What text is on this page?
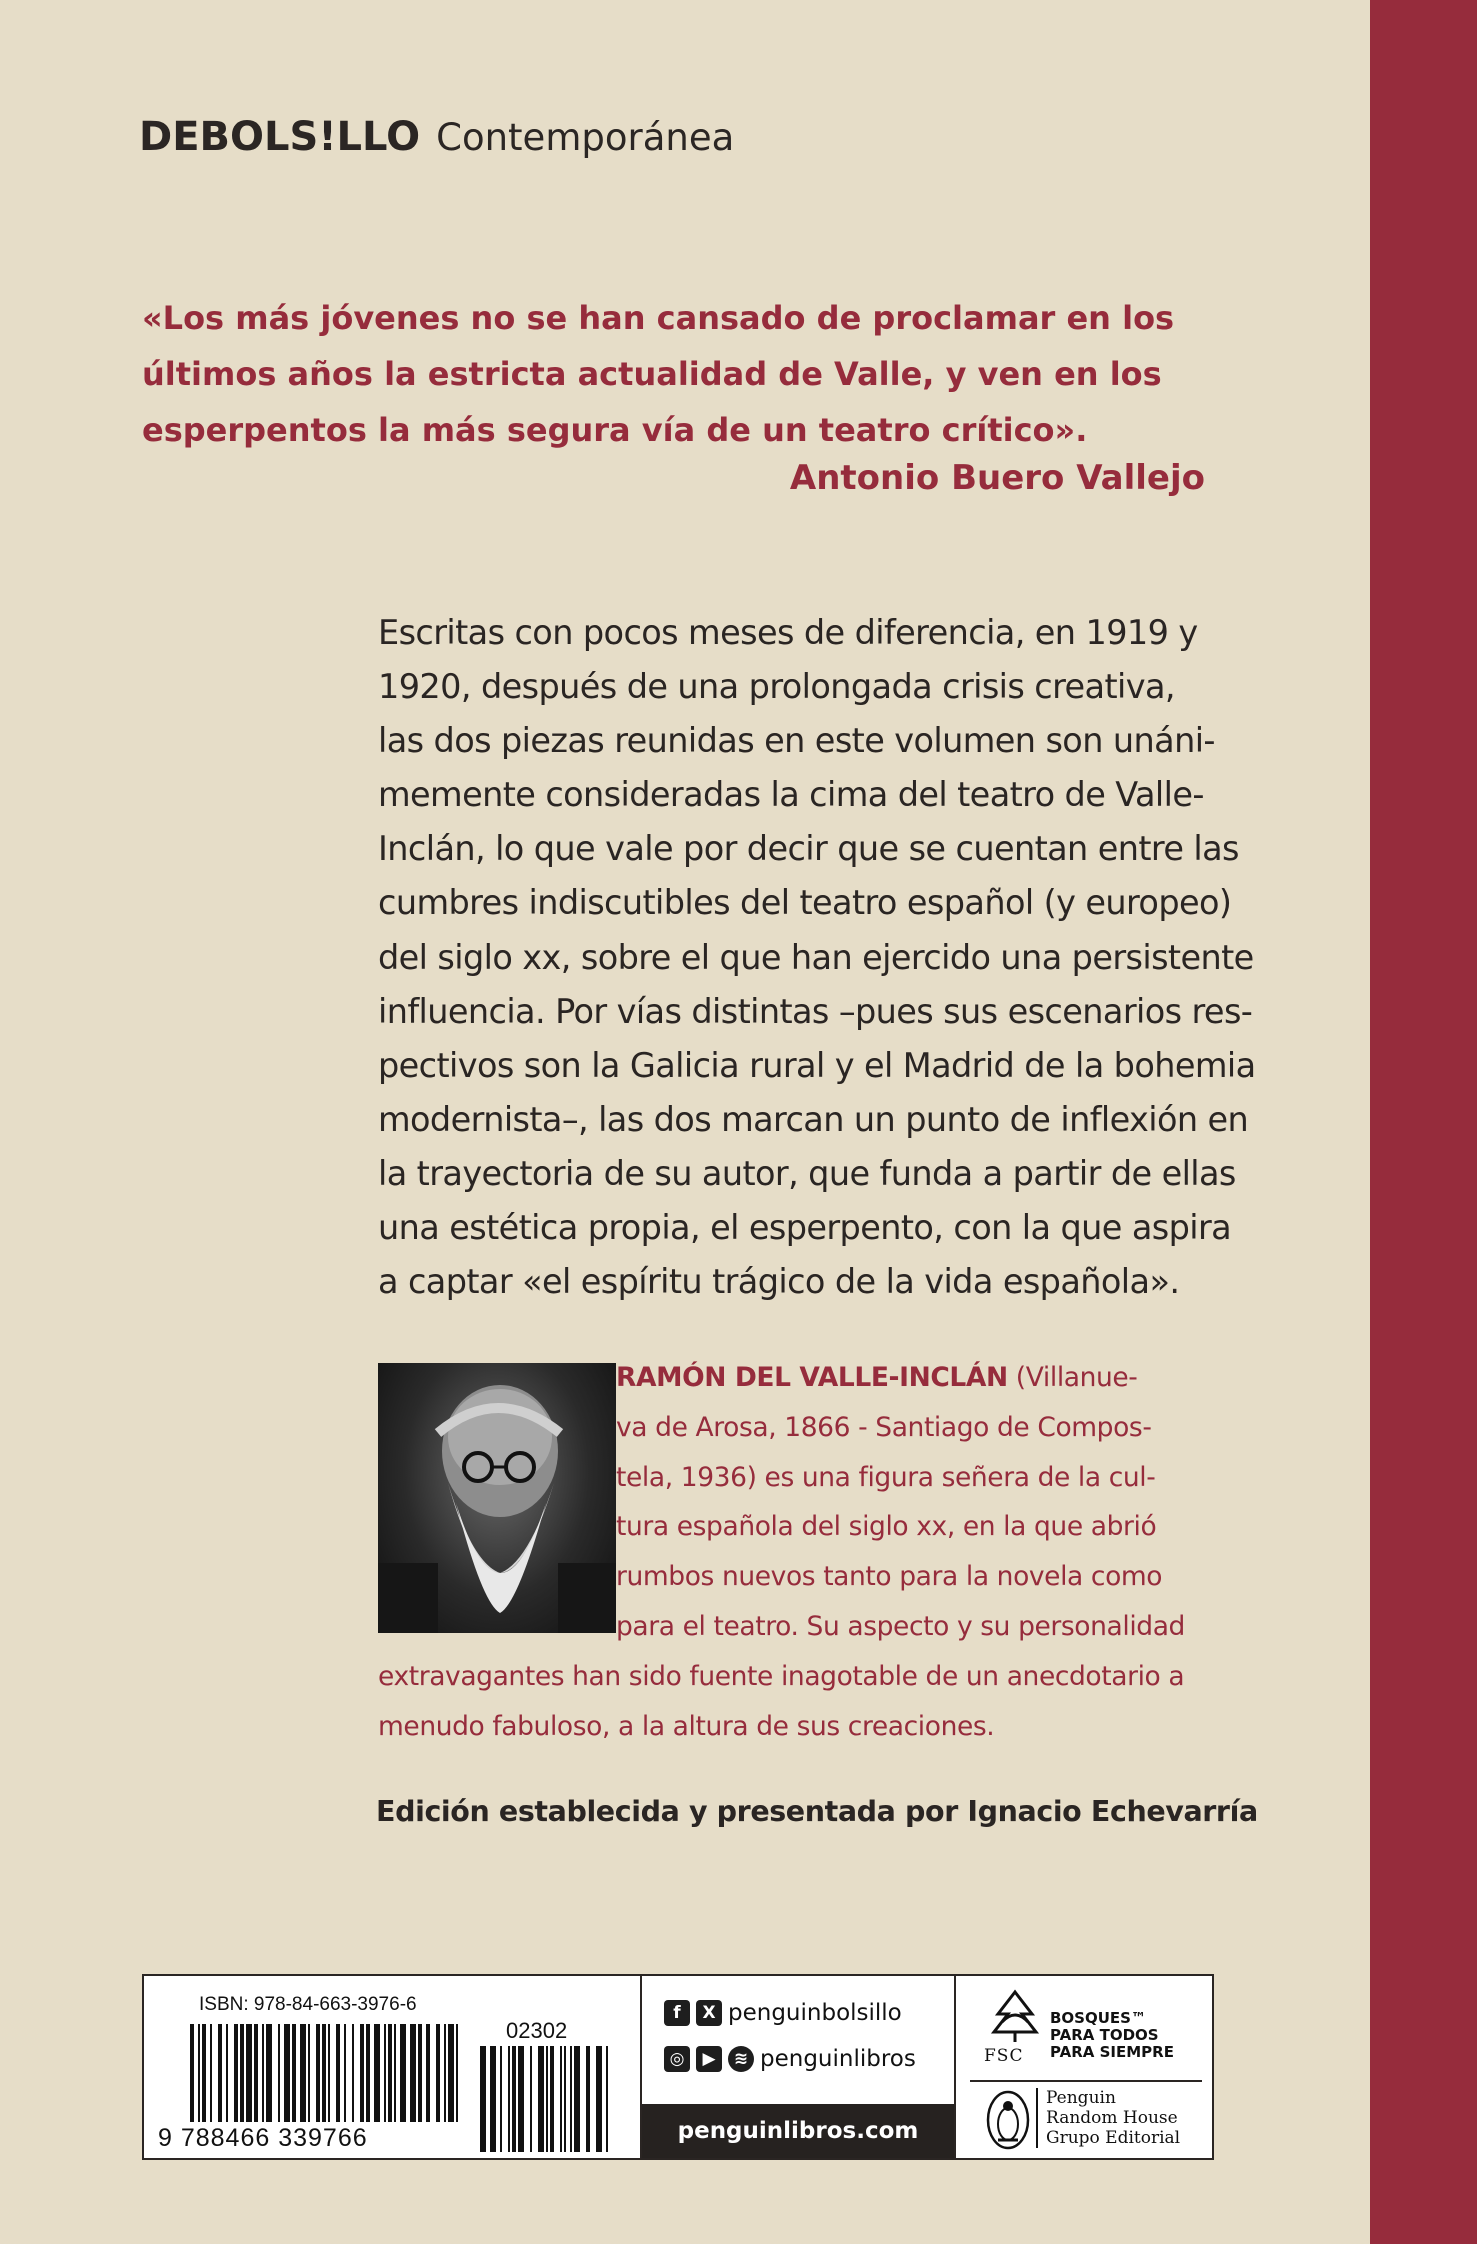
DEBOLS!LLO Contemporánea
«Los más jóvenes no se han cansado de proclamar en los últimos años la estricta actualidad de Valle, y ven en los esperpentos la más segura vía de un teatro crítico».
Antonio Buero Vallejo
Escritas con pocos meses de diferencia, en 1919 y
1920, después de una prolongada crisis creativa,
las dos piezas reunidas en este volumen son unáni-
memente consideradas la cima del teatro de Valle-
Inclán, lo que vale por decir que se cuentan entre las
cumbres indiscutibles del teatro español (y europeo)
del siglo xx, sobre el que han ejercido una persistente
influencia. Por vías distintas –pues sus escenarios res-
pectivos son la Galicia rural y el Madrid de la bohemia
modernista–, las dos marcan un punto de inflexión en
la trayectoria de su autor, que funda a partir de ellas
una estética propia, el esperpento, con la que aspira
a captar «el espíritu trágico de la vida española».
RAMÓN DEL VALLE-INCLÁN (Villanue-
va de Arosa, 1866 - Santiago de Compos-
tela, 1936) es una figura señera de la cul-
tura española del siglo xx, en la que abrió
rumbos nuevos tanto para la novela como
para el teatro. Su aspecto y su personalidad
extravagantes han sido fuente inagotable de un anecdotario a
menudo fabuloso, a la altura de sus creaciones.
Edición establecida y presentada por Ignacio Echevarría
ISBN: 978-84-663-3976-6
02302
9 788466 339766
f	X penguinbolsillo
◎	▶	≋ penguinlibros
penguinlibros.com
FSC
BOSQUES™
PARA TODOS
PARA SIEMPRE
Penguin
Random House
Grupo Editorial
